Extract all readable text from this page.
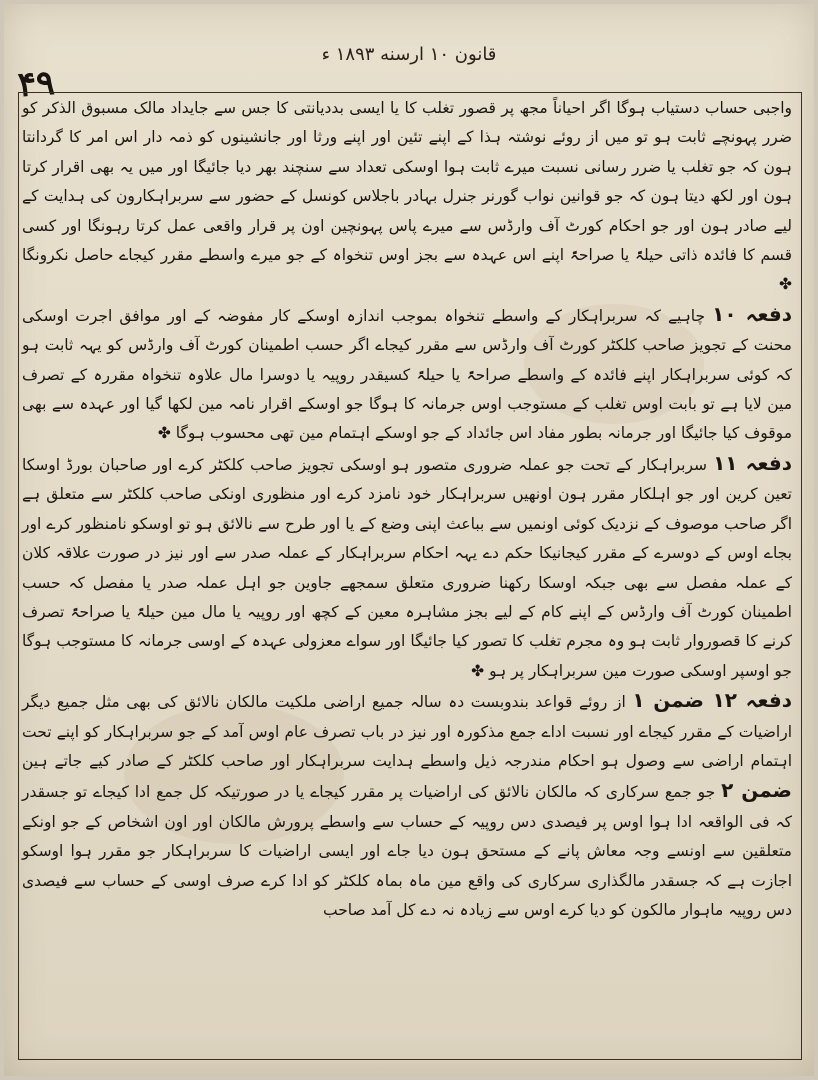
قانون ۱۰ ارسنه ۱۸۹۳ ء
۴۹

واجبی حساب دستیاب ہوگا اگر احیاناً مجھ پر قصور تغلب کا یا ایسی بددیانتی کا جس سے جایداد مالک مسبوق الذکر کو ضرر پہونچے ثابت ہو تو میں از روئے نوشتہ ہذا کے اپنے تئین اور اپنے ورثا اور جانشینوں کو ذمہ دار اس امر کا گردانتا ہون کہ جو تغلب یا ضرر رسانی نسبت میرے ثابت ہوا اوسکی تعداد سے سنچند بھر دیا جائیگا اور میں یہ بھی اقرار کرتا ہون اور لکھ دیتا ہون کہ جو قوانین نواب گورنر جنرل بہادر باجلاس کونسل کے حضور سے سربراہکارون کی ہدایت کے لیے صادر ہون اور جو احکام کورٹ آف وارڈس سے میرے پاس پہونچین اون پر قرار واقعی عمل کرتا رہونگا اور کسی قسم کا فائدہ ذاتی حیلۃً یا صراحۃً اپنے اس عہدہ سے بجز اوس تنخواہ کے جو میرے واسطے مقرر کیجاے حاصل نکرونگا ✤

دفعہ ۱۰ چاہیے کہ سربراہکار کے واسطے تنخواہ بموجب اندازہ اوسکے کار مفوضہ کے اور موافق اجرت اوسکی محنت کے تجویز صاحب کلکٹر کورٹ آف وارڈس سے مقرر کیجاے اگر حسب اطمینان کورٹ آف وارڈس کو یہہ ثابت ہو کہ کوئی سربراہکار اپنے فائدہ کے واسطے صراحۃً یا حیلۃً کسیقدر روپیہ یا دوسرا مال علاوہ تنخواہ مقررہ کے تصرف مین لایا ہے تو بابت اوس تغلب کے مستوجب اوس جرمانہ کا ہوگا جو اوسکے اقرار نامہ مین لکھا گیا اور عہدہ سے بھی موقوف کیا جائیگا اور جرمانہ بطور مفاد اس جائداد کے جو اوسکے اہتمام مین تھی محسوب ہوگا ✤

دفعہ ۱۱ سربراہکار کے تحت جو عملہ ضروری متصور ہو اوسکی تجویز صاحب کلکٹر کرے اور صاحبان بورڈ اوسکا تعین کرین اور جو اہلکار مقرر ہون اونھیں سربراہکار خود نامزد کرے اور منظوری اونکی صاحب کلکٹر سے متعلق ہے اگر صاحب موصوف کے نزدیک کوئی اونمیں سے بباعث اپنی وضع کے یا اور طرح سے نالائق ہو تو اوسکو نامنظور کرے اور بجاے اوس کے دوسرے کے مقرر کیجانیکا حکم دے یہہ احکام سربراہکار کے عملہ صدر سے اور نیز در صورت علاقہ کلان کے عملہ مفصل سے بھی جبکہ اوسکا رکھنا ضروری متعلق سمجھے جاوین جو اہل عملہ صدر یا مفصل کہ حسب اطمینان کورٹ آف وارڈس کے اپنے کام کے لیے بجز مشاہرہ معین کے کچھ اور روپیہ یا مال مین حیلۃً یا صراحۃً تصرف کرنے کا قصوروار ثابت ہو وہ مجرم تغلب کا تصور کیا جائیگا اور سواے معزولی عہدہ کے اوسی جرمانہ کا مستوجب ہوگا جو اوسپر اوسکی صورت مین سربراہکار پر ہو ✤

دفعہ ۱۲ ضمن ۱ از روئے قواعد بندوبست دہ سالہ جمیع اراضی ملکیت مالکان نالائق کی بھی مثل جمیع دیگر اراضیات کے مقرر کیجاے اور نسبت اداے جمع مذکورہ اور نیز در باب تصرف عام اوس آمد کے جو سربراہکار کو اپنے تحت اہتمام اراضی سے وصول ہو احکام مندرجہ ذیل واسطے ہدایت سربراہکار اور صاحب کلکٹر کے صادر کیے جاتے ہین ضمن ۲ جو جمع سرکاری کہ مالکان نالائق کی اراضیات پر مقرر کیجاے یا در صورتیکہ کل جمع ادا کیجاے تو جسقدر کہ فی الواقعہ ادا ہوا اوس پر فیصدی دس روپیہ کے حساب سے واسطے پرورش مالکان اور اون اشخاص کے جو اونکے متعلقین سے اونسے وجہ معاش پانے کے مستحق ہون دیا جاے اور ایسی اراضیات کا سربراہکار جو مقرر ہوا اوسکو اجازت ہے کہ جسقدر مالگذاری سرکاری کی واقع مین ماہ بماہ کلکٹر کو ادا کرے صرف اوسی کے حساب سے فیصدی دس روپیہ ماہوار مالکون کو دیا کرے اوس سے زیادہ نہ دے کل آمد صاحب
